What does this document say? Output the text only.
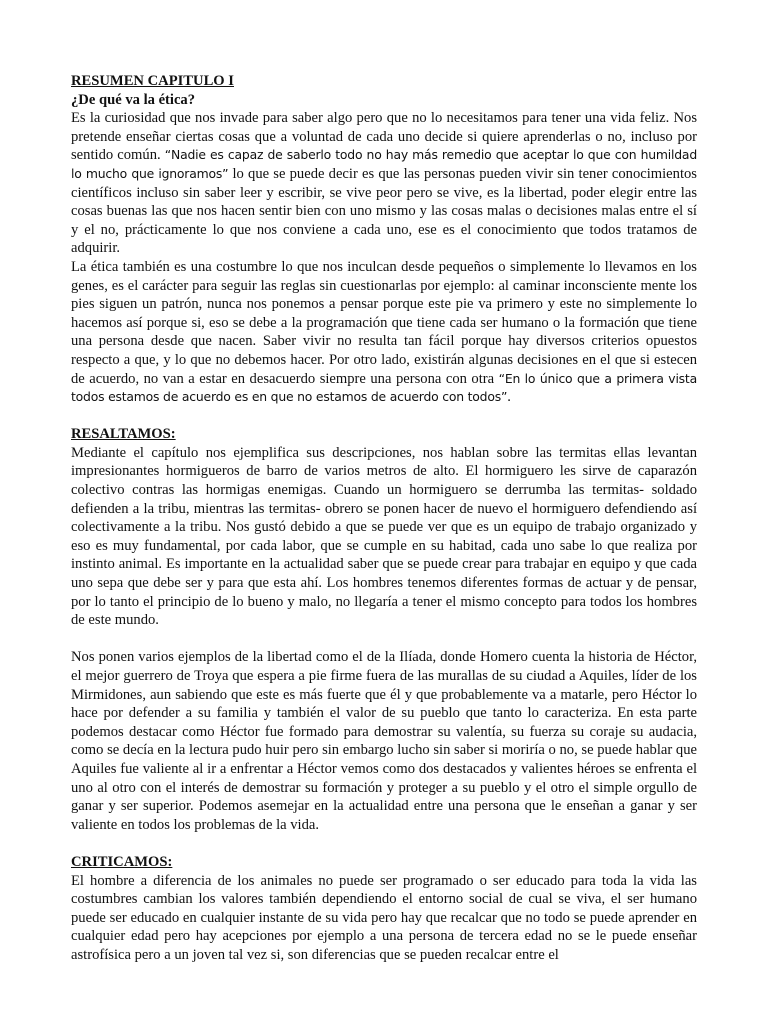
RESUMEN CAPITULO I
¿De qué va la ética?

Es la curiosidad que nos invade para saber algo pero que no lo necesitamos para tener una vida feliz. Nos pretende enseñar ciertas cosas que a voluntad de cada uno decide si quiere aprenderlas o no, incluso por sentido común. “Nadie es capaz de saberlo todo no hay más remedio que aceptar lo que con humildad lo mucho que ignoramos” lo que se puede decir es que las personas pueden vivir sin tener conocimientos científicos incluso sin saber leer y escribir, se vive peor pero se vive, es la libertad, poder elegir entre las cosas buenas las que nos hacen sentir bien con uno mismo y las cosas malas o decisiones malas entre el sí y el no, prácticamente lo que nos conviene a cada uno, ese es el conocimiento que todos tratamos de adquirir.

La ética también es una costumbre lo que nos inculcan desde pequeños o simplemente lo llevamos en los genes, es el carácter para seguir las reglas sin cuestionarlas por ejemplo: al caminar inconsciente mente los pies siguen un patrón, nunca nos ponemos a pensar porque este pie va primero y este no simplemente lo hacemos así porque si, eso se debe a la programación que tiene cada ser humano o la formación que tiene una persona desde que nacen. Saber vivir no resulta tan fácil porque hay diversos criterios opuestos respecto a que, y lo que no debemos hacer. Por otro lado, existirán algunas decisiones en el que si estecen de acuerdo, no van a estar en desacuerdo siempre una persona con otra “En lo único que a primera vista todos estamos de acuerdo es en que no estamos de acuerdo con todos”.

RESALTAMOS:

Mediante el capítulo nos ejemplifica sus descripciones, nos hablan sobre las termitas ellas levantan impresionantes hormigueros de barro de varios metros de alto. El hormiguero les sirve de caparazón colectivo contras las hormigas enemigas. Cuando un hormiguero se derrumba las termitas- soldado defienden a la tribu, mientras las termitas- obrero se ponen hacer de nuevo el hormiguero defendiendo así colectivamente a la tribu. Nos gustó debido a que se puede ver que es un equipo de trabajo organizado y eso es muy fundamental, por cada labor, que se cumple en su habitad, cada uno sabe lo que realiza por instinto animal. Es importante en la actualidad saber que se puede crear para trabajar en equipo y que cada uno sepa que debe ser y para que esta ahí. Los hombres tenemos diferentes formas de actuar y de pensar, por lo tanto el principio de lo bueno y malo, no llegaría a tener el mismo concepto para todos los hombres de este mundo.

Nos ponen varios ejemplos de la libertad como el de la Ilíada, donde Homero cuenta la historia de Héctor, el mejor guerrero de Troya que espera a pie firme fuera de las murallas de su ciudad a Aquiles, líder de los Mirmidones, aun sabiendo que este es más fuerte que él y que probablemente va a matarle, pero Héctor lo hace por defender a su familia y también el valor de su pueblo que tanto lo caracteriza. En esta parte podemos destacar como Héctor fue formado para demostrar su valentía, su fuerza su coraje su audacia, como se decía en la lectura pudo huir pero sin embargo lucho sin saber si moriría o no, se puede hablar que Aquiles fue valiente al ir a enfrentar a Héctor vemos como dos destacados y valientes héroes se enfrenta el uno al otro con el interés de demostrar su formación y proteger a su pueblo y el otro el simple orgullo de ganar y ser superior. Podemos asemejar en la actualidad entre una persona que le enseñan a ganar y ser valiente en todos los problemas de la vida.

CRITICAMOS:

El hombre a diferencia de los animales no puede ser programado o ser educado para toda la vida las costumbres cambian los valores también dependiendo el entorno social de cual se viva, el ser humano puede ser educado en cualquier instante de su vida pero hay que recalcar que no todo se puede aprender en cualquier edad pero hay acepciones por ejemplo a una persona de tercera edad no se le puede enseñar astrofísica pero a un joven tal vez si, son diferencias que se pueden recalcar entre el
